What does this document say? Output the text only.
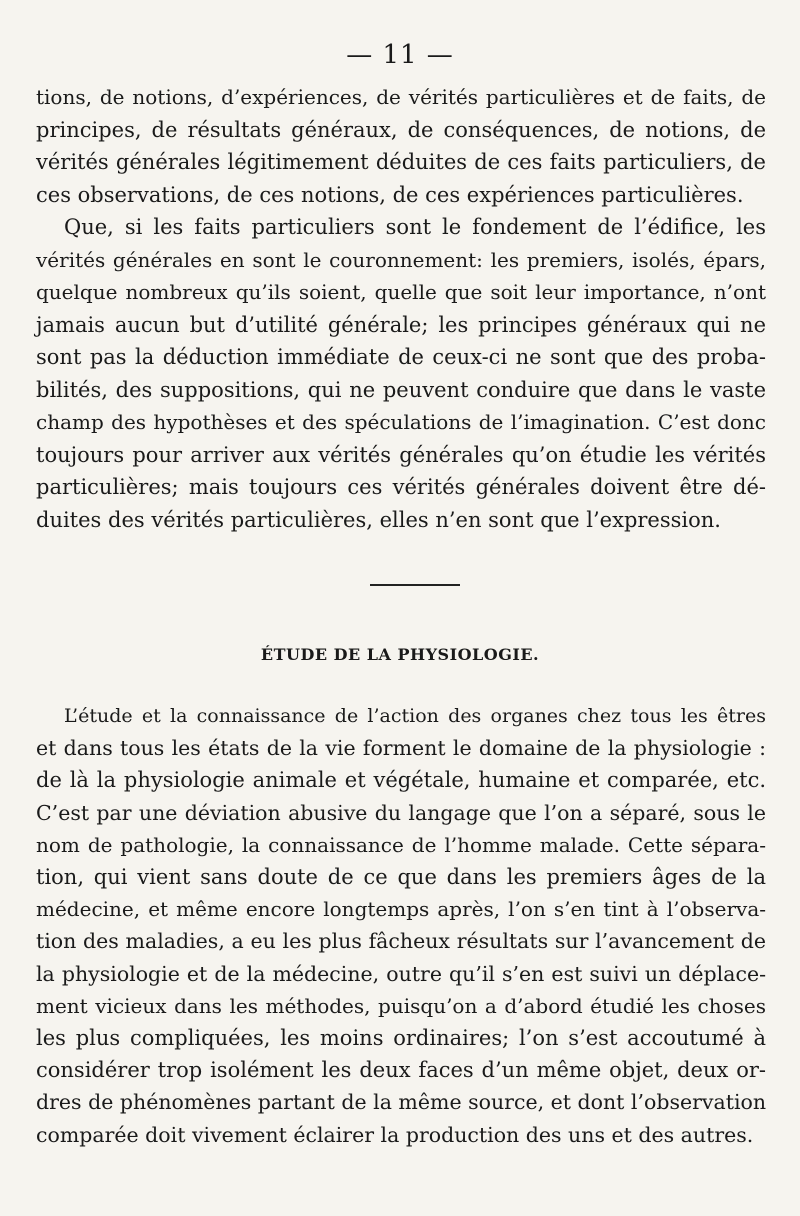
— 11 —
tions, de notions, d’expériences, de vérités particulières et de faits, de
principes, de résultats généraux, de conséquences, de notions, de
vérités générales légitimement déduites de ces faits particuliers, de
ces observations, de ces notions, de ces expériences particulières.
Que, si les faits particuliers sont le fondement de l’édifice, les
vérités générales en sont le couronnement: les premiers, isolés, épars,
quelque nombreux qu’ils soient, quelle que soit leur importance, n’ont
jamais aucun but d’utilité générale; les principes généraux qui ne
sont pas la déduction immédiate de ceux-ci ne sont que des proba-
bilités, des suppositions, qui ne peuvent conduire que dans le vaste
champ des hypothèses et des spéculations de l’imagination. C’est donc
toujours pour arriver aux vérités générales qu’on étudie les vérités
particulières; mais toujours ces vérités générales doivent être dé-
duites des vérités particulières, elles n’en sont que l’expression.
ÉTUDE DE LA PHYSIOLOGIE.
L’étude et la connaissance de l’action des organes chez tous les êtres
et dans tous les états de la vie forment le domaine de la physiologie :
de là la physiologie animale et végétale, humaine et comparée, etc.
C’est par une déviation abusive du langage que l’on a séparé, sous le
nom de pathologie, la connaissance de l’homme malade. Cette sépara-
tion, qui vient sans doute de ce que dans les premiers âges de la
médecine, et même encore longtemps après, l’on s’en tint à l’observa-
tion des maladies, a eu les plus fâcheux résultats sur l’avancement de
la physiologie et de la médecine, outre qu’il s’en est suivi un déplace-
ment vicieux dans les méthodes, puisqu’on a d’abord étudié les choses
les plus compliquées, les moins ordinaires; l’on s’est accoutumé à
considérer trop isolément les deux faces d’un même objet, deux or-
dres de phénomènes partant de la même source, et dont l’observation
comparée doit vivement éclairer la production des uns et des autres.
